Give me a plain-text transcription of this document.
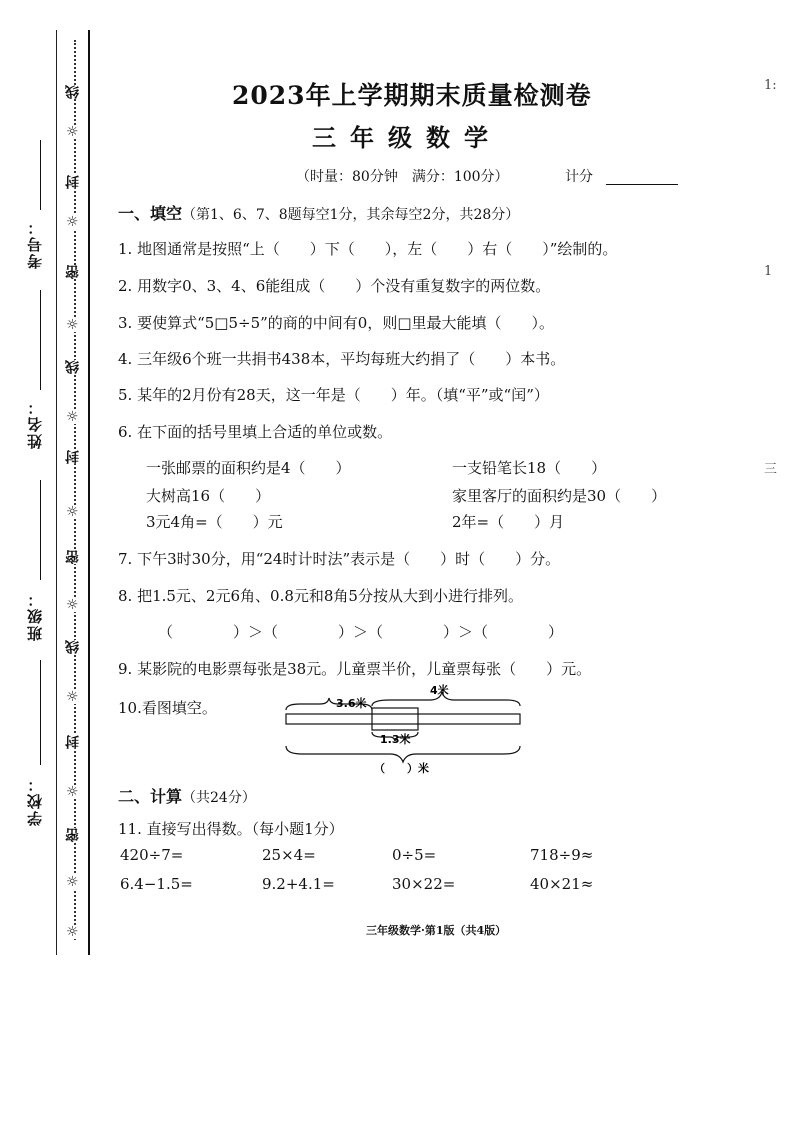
考号：
姓名：
班级：
学校：
线
☼
封
☼
密
☼
线
☼
封
☼
密
☼
线
☼
封
☼
密
☼
☼
2023年上学期期末质量检测卷
三年级数学
（时量：80分钟　满分：100分）	计分
一、填空（第1、6、7、8题每空1分，其余每空2分，共28分）
1. 地图通常是按照“上（　　）下（　　），左（　　）右（　　）”绘制的。
2. 用数字0、3、4、6能组成（　　）个没有重复数字的两位数。
3. 要使算式“5□5÷5”的商的中间有0，则□里最大能填（　　）。
4. 三年级6个班一共捐书438本，平均每班大约捐了（　　）本书。
5. 某年的2月份有28天，这一年是（　　）年。（填“平”或“闰”）
6. 在下面的括号里填上合适的单位或数。
一张邮票的面积约是4（　　）	一支铅笔长18（　　）
大树高16（　　）	家里客厅的面积约是30（　　）
3元4角=（　　）元	2年=（　　）月
7. 下午3时30分，用“24时计时法”表示是（　　）时（　　）分。
8. 把1.5元、2元6角、0.8元和8角5分按从大到小进行排列。
（　　　　）＞（　　　　）＞（　　　　）＞（　　　　）
9. 某影院的电影票每张是38元。儿童票半价，儿童票每张（　　）元。
10.看图填空。	3.6米
4米
1.3米
（　　）米
二、计算（共24分）
11. 直接写出得数。（每小题1分）
420÷7=	25×4=	0÷5=	718÷9≈
6.4−1.5=	9.2+4.1=	30×22=	40×21≈
三年级数学·第1版（共4版）
1:
1
三
